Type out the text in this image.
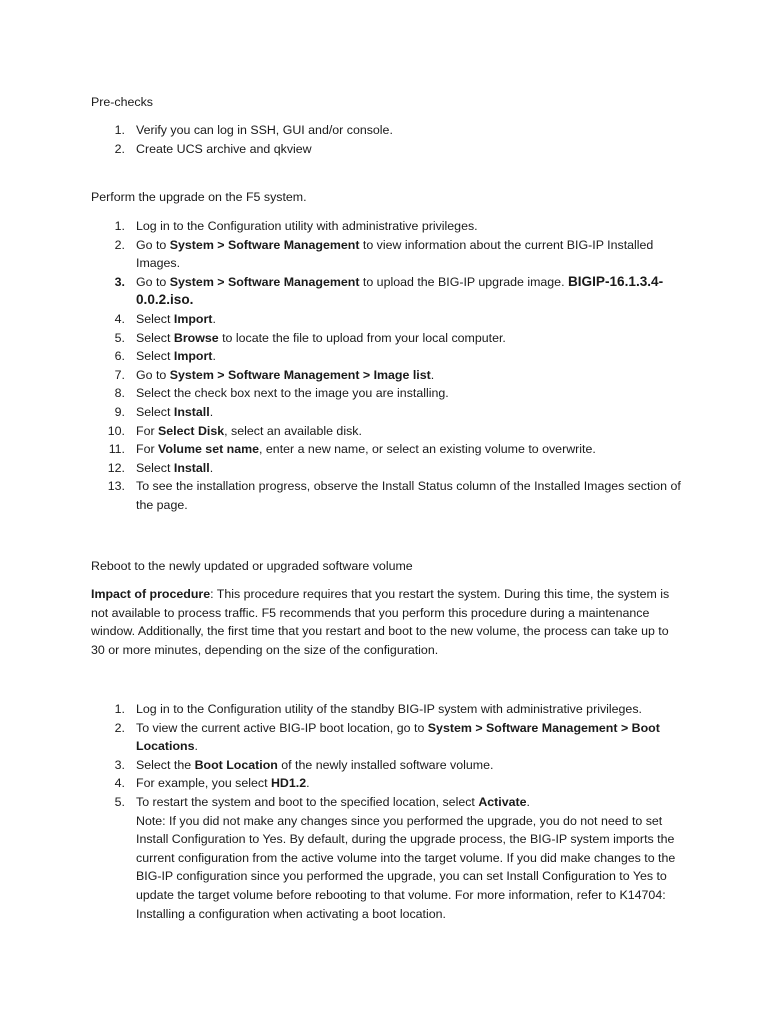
Pre-checks
1. Verify you can log in SSH, GUI and/or console.
2. Create UCS archive and qkview
Perform the upgrade on the F5 system.
1. Log in to the Configuration utility with administrative privileges.
2. Go to System > Software Management to view information about the current BIG-IP Installed Images.
3. Go to System > Software Management to upload the BIG-IP upgrade image. BIGIP-16.1.3.4-0.0.2.iso.
4. Select Import.
5. Select Browse to locate the file to upload from your local computer.
6. Select Import.
7. Go to System > Software Management > Image list.
8. Select the check box next to the image you are installing.
9. Select Install.
10. For Select Disk, select an available disk.
11. For Volume set name, enter a new name, or select an existing volume to overwrite.
12. Select Install.
13. To see the installation progress, observe the Install Status column of the Installed Images section of the page.
Reboot to the newly updated or upgraded software volume

Impact of procedure: This procedure requires that you restart the system. During this time, the system is not available to process traffic. F5 recommends that you perform this procedure during a maintenance window. Additionally, the first time that you restart and boot to the new volume, the process can take up to 30 or more minutes, depending on the size of the configuration.

1. Log in to the Configuration utility of the standby BIG-IP system with administrative privileges.
2. To view the current active BIG-IP boot location, go to System > Software Management > Boot Locations.
3. Select the Boot Location of the newly installed software volume.
4. For example, you select HD1.2.
5. To restart the system and boot to the specified location, select Activate.
Note: If you did not make any changes since you performed the upgrade, you do not need to set Install Configuration to Yes. By default, during the upgrade process, the BIG-IP system imports the current configuration from the active volume into the target volume. If you did make changes to the BIG-IP configuration since you performed the upgrade, you can set Install Configuration to Yes to update the target volume before rebooting to that volume. For more information, refer to K14704: Installing a configuration when activating a boot location.
